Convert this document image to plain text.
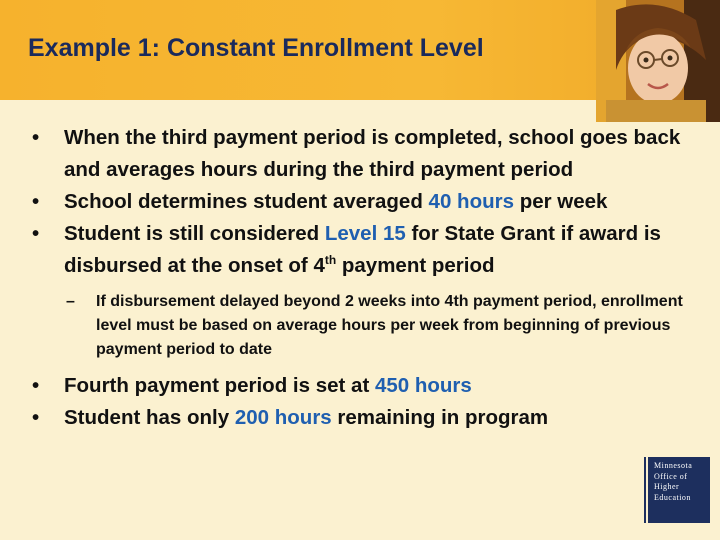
Example 1: Constant Enrollment Level
•	When the third payment period is completed, school goes back and averages hours during the third payment period
•	School determines student averaged 40 hours per week
•	Student is still considered Level 15 for State Grant if award is disbursed at the onset of 4th payment period
– If disbursement delayed beyond 2 weeks into 4th payment period, enrollment level must be based on average hours per week from beginning of previous payment period to date
•	Fourth payment period is set at 450 hours
•	Student has only 200 hours remaining in program
Minnesota
Office of
Higher
Education
